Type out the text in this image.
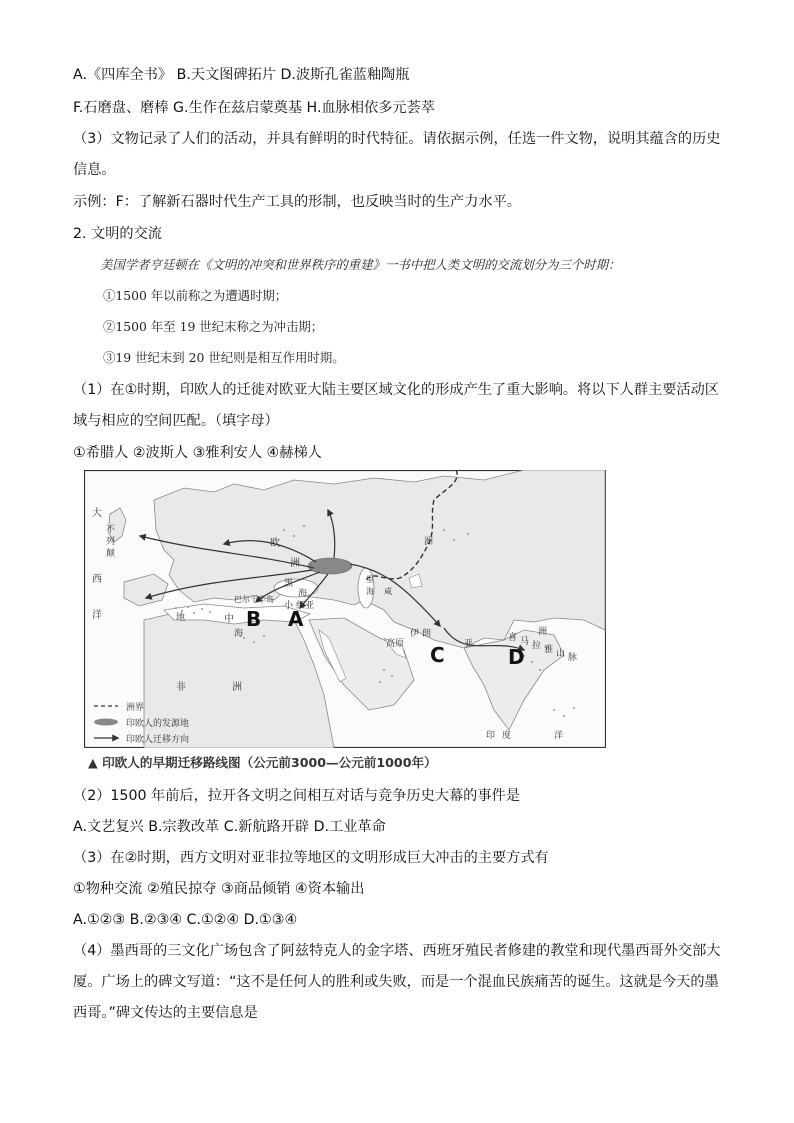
A.《四库全书》 B.天文图碑拓片 D.波斯孔雀蓝釉陶瓶
F.石磨盘、磨棒 G.生作在兹启蒙奠基 H.血脉相依多元荟萃
（3）文物记录了人们的活动，并具有鲜明的时代特征。请依据示例，任选一件文物，说明其蕴含的历史
信息。
示例：F：了解新石器时代生产工具的形制，也反映当时的生产力水平。
2. 文明的交流
美国学者亨廷顿在《文明的冲突和世界秩序的重建》一书中把人类文明的交流划分为三个时期：
①1500 年以前称之为遭遇时期；
②1500 年至 19 世纪末称之为冲击期；
③19 世纪末到 20 世纪则是相互作用时期。
（1）在①时期，印欧人的迁徙对欧亚大陆主要区域文化的形成产生了重大影响。将以下人群主要活动区
域与相应的空间匹配。（填字母）
①希腊人 ②波斯人 ③雅利安人 ④赫梯人
大
西
洋
不
列
颠
欧
洲
巴尔干半岛
黑
海
小 细亚
地	中
海
非	洲
里
海 咸
伊 朗
高原	亚
洲
喜 马 拉 雅 山 脉
洲
印 度	洋
B A
C	D
洲界
印欧人的发源地
印欧人迁移方向
▲ 印欧人的早期迁移路线图（公元前3000—公元前1000年）
（2）1500 年前后，拉开各文明之间相互对话与竞争历史大幕的事件是
A.文艺复兴 B.宗教改革 C.新航路开辟 D.工业革命
（3）在②时期，西方文明对亚非拉等地区的文明形成巨大冲击的主要方式有
①物种交流 ②殖民掠夺 ③商品倾销 ④资本输出
A.①②③ B.②③④ C.①②④ D.①③④
（4）墨西哥的三文化广场包含了阿兹特克人的金字塔、西班牙殖民者修建的教堂和现代墨西哥外交部大
厦。广场上的碑文写道：“这不是任何人的胜利或失败，而是一个混血民族痛苦的诞生。这就是今天的墨
西哥。”碑文传达的主要信息是
